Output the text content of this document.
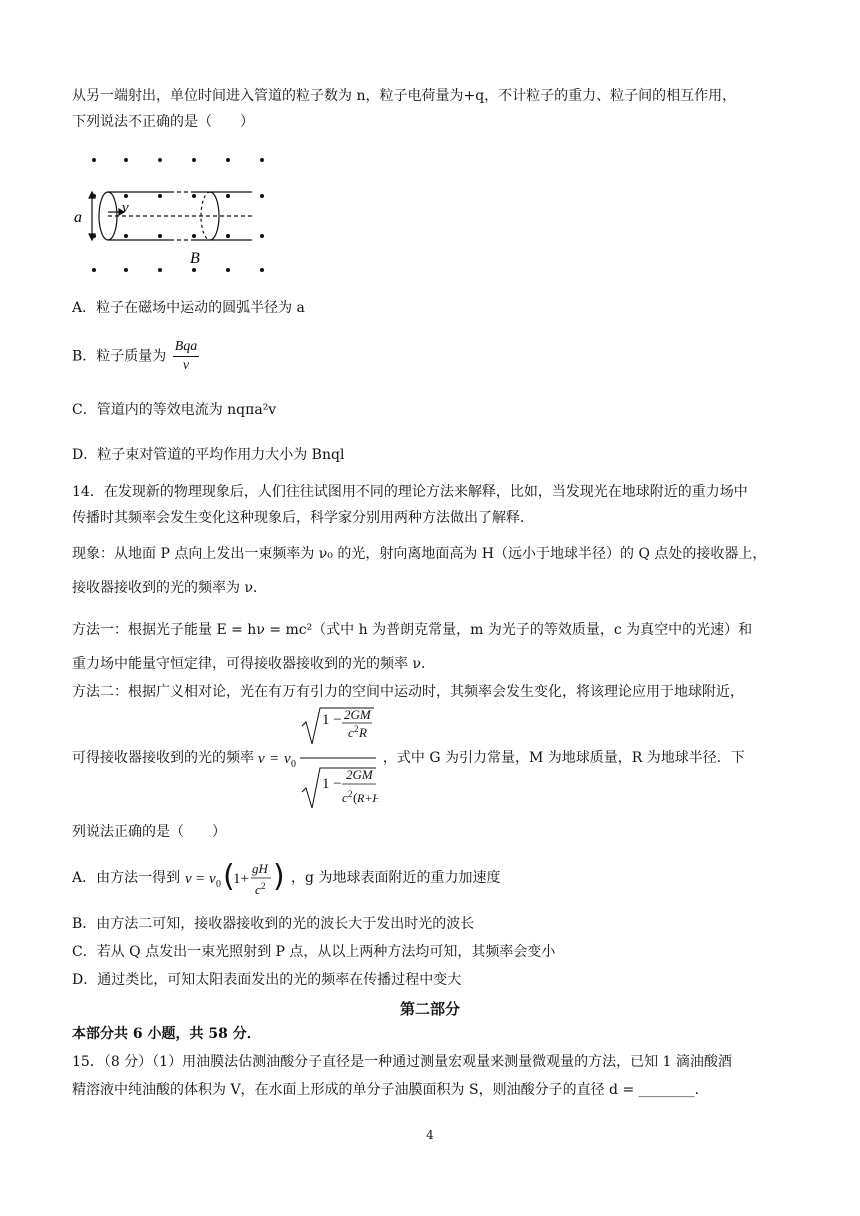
从另一端射出，单位时间进入管道的粒子数为 n，粒子电荷量为+q，不计粒子的重力、粒子间的相互作用，
下列说法不正确的是（　　）
v
a
B
A．粒子在磁场中运动的圆弧半径为 a
B．粒子质量为 $\frac{\text{Bqa}}{v}$
C．管道内的等效电流为 nqπa²v
D．粒子束对管道的平均作用力大小为 Bnql
14．在发现新的物理现象后，人们往往试图用不同的理论方法来解释，比如，当发现光在地球附近的重力场中
传播时其频率会发生变化这种现象后，科学家分别用两种方法做出了解释．
现象：从地面 P 点向上发出一束频率为 ν₀ 的光，射向离地面高为 H（远小于地球半径）的 Q 点处的接收器上，
接收器接收到的光的频率为 ν．
方法一：根据光子能量 E = hν = mc²（式中 h 为普朗克常量，m 为光子的等效质量，c 为真空中的光速）和
重力场中能量守恒定律，可得接收器接收到的光的频率 ν．
方法二：根据广义相对论，光在有万有引力的空间中运动时，其频率会发生变化，将该理论应用于地球附近，
可得接收器接收到的光的频率 ν = ν 0
1 − 2GM
c 2 R
1 −
2GM
c 2 ( R+
，式中 G 为引力常量，M 为地球质量，R 为地球半径．下
列说法正确的是（　　）
A．由方法一得到 ν = ν 0 (
1+
gH
c 2 ) ，g 为地球表面附近的重力加速度
B．由方法二可知，接收器接收到的光的波长大于发出时光的波长
C．若从 Q 点发出一束光照射到 P 点，从以上两种方法均可知，其频率会变小
D．通过类比，可知太阳表面发出的光的频率在传播过程中变大
第二部分
本部分共 6 小题，共 58 分．
15．（8 分）（1）用油膜法估测油酸分子直径是一种通过测量宏观量来测量微观量的方法，已知 1 滴油酸酒
精溶液中纯油酸的体积为 V，在水面上形成的单分子油膜面积为 S，则油酸分子的直径 d = ________．
4
